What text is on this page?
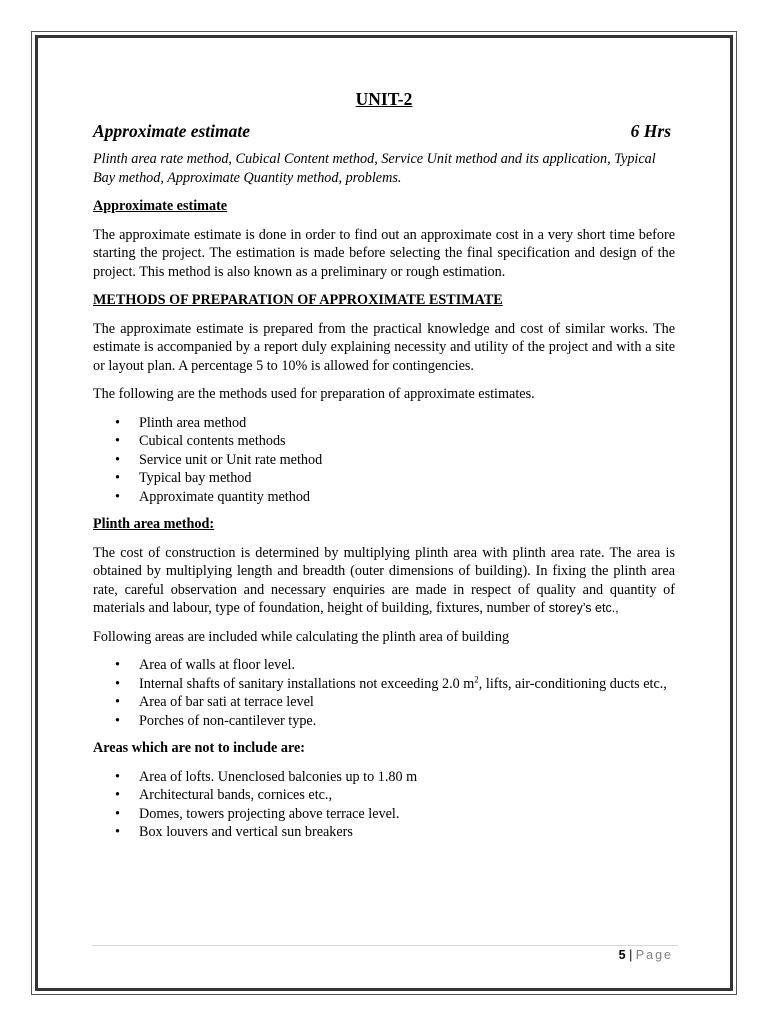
UNIT-2
Approximate estimate	6 Hrs
Plinth area rate method, Cubical Content method, Service Unit method and its application, Typical Bay method, Approximate Quantity method, problems.
Approximate estimate

The approximate estimate is done in order to find out an approximate cost in a very short time before starting the project. The estimation is made before selecting the final specification and design of the project. This method is also known as a preliminary or rough estimation.

METHODS OF PREPARATION OF APPROXIMATE ESTIMATE

The approximate estimate is prepared from the practical knowledge and cost of similar works. The estimate is accompanied by a report duly explaining necessity and utility of the project and with a site or layout plan. A percentage 5 to 10% is allowed for contingencies.

The following are the methods used for preparation of approximate estimates.

• Plinth area method
• Cubical contents methods
• Service unit or Unit rate method
• Typical bay method
• Approximate quantity method
Plinth area method:

The cost of construction is determined by multiplying plinth area with plinth area rate. The area is obtained by multiplying length and breadth (outer dimensions of building). In fixing the plinth area rate, careful observation and necessary enquiries are made in respect of quality and quantity of materials and labour, type of foundation, height of building, fixtures, number of storey’s etc.,

Following areas are included while calculating the plinth area of building

• Area of walls at floor level.
• Internal shafts of sanitary installations not exceeding 2.0 $m^2$, lifts, air-conditioning ducts etc.,
• Area of bar sati at terrace level
• Porches of non-cantilever type.
Areas which are not to include are:
• Area of lofts. Unenclosed balconies up to 1.80 m
• Architectural bands, cornices etc.,
• Domes, towers projecting above terrace level.
• Box louvers and vertical sun breakers
5 | Page
